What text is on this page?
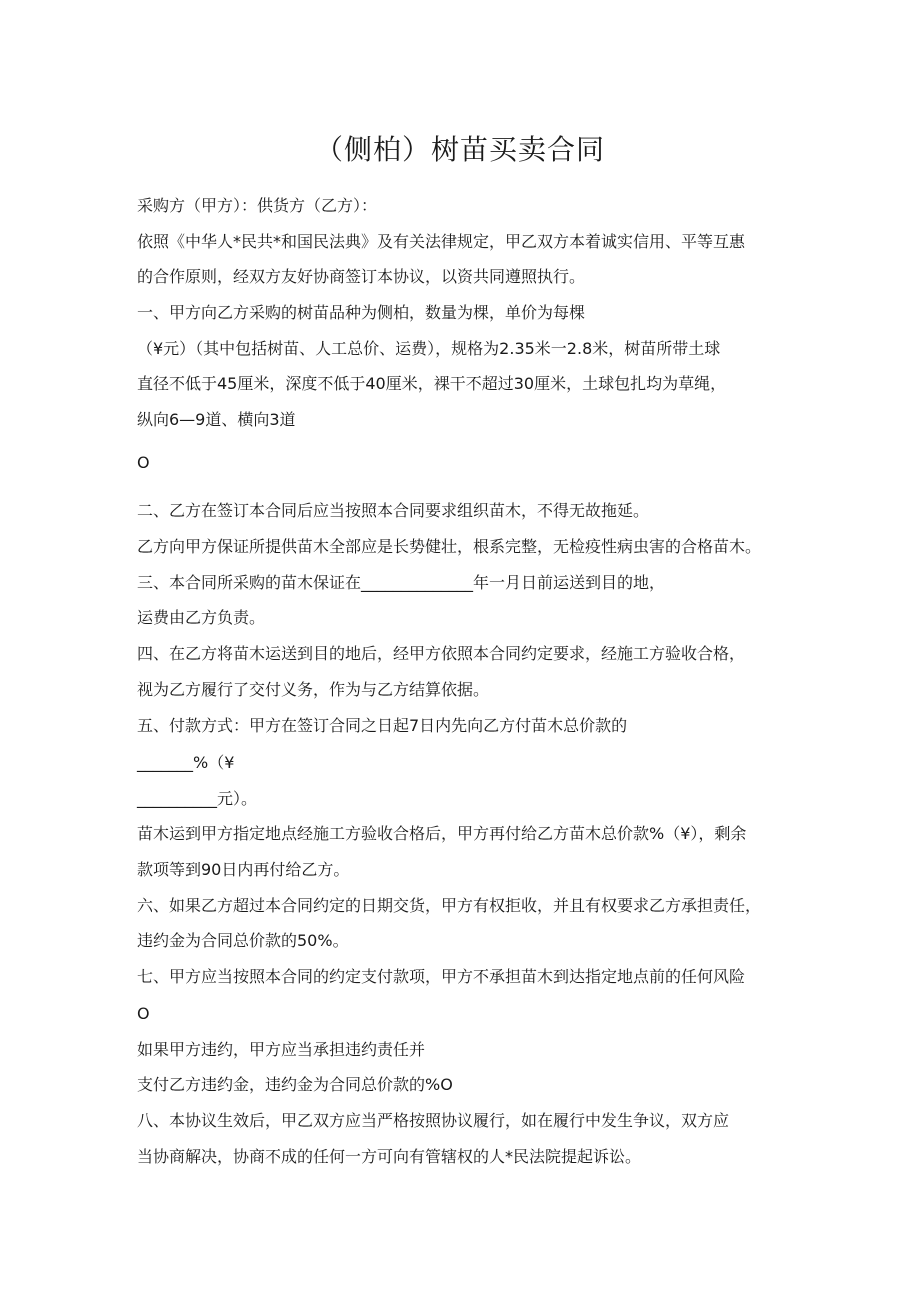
（侧柏）树苗买卖合同
采购方（甲方）：供货方（乙方）：
依照《中华人*民共*和国民法典》及有关法律规定，甲乙双方本着诚实信用、平等互惠
的合作原则，经双方友好协商签订本协议，以资共同遵照执行。
一、甲方向乙方采购的树苗品种为侧柏，数量为棵，单价为每棵
（¥元）（其中包括树苗、人工总价、运费），规格为2.35米一2.8米，树苗所带土球
直径不低于45厘米，深度不低于40厘米，裸干不超过30厘米，土球包扎均为草绳，
纵向6—9道、横向3道
O
二、乙方在签订本合同后应当按照本合同要求组织苗木，不得无故拖延。
乙方向甲方保证所提供苗木全部应是长势健壮，根系完整，无检疫性病虫害的合格苗木。
三、本合同所采购的苗木保证在______________年一月日前运送到目的地，
运费由乙方负责。
四、在乙方将苗木运送到目的地后，经甲方依照本合同约定要求，经施工方验收合格，
视为乙方履行了交付义务，作为与乙方结算依据。
五、付款方式：甲方在签订合同之日起7日内先向乙方付苗木总价款的
_______%（¥
__________元）。
苗木运到甲方指定地点经施工方验收合格后，甲方再付给乙方苗木总价款%（¥），剩余
款项等到90日内再付给乙方。
六、如果乙方超过本合同约定的日期交货，甲方有权拒收，并且有权要求乙方承担责任，
违约金为合同总价款的50%。
七、甲方应当按照本合同的约定支付款项，甲方不承担苗木到达指定地点前的任何风险
O
如果甲方违约，甲方应当承担违约责任并
支付乙方违约金，违约金为合同总价款的%O
八、本协议生效后，甲乙双方应当严格按照协议履行，如在履行中发生争议，双方应
当协商解决，协商不成的任何一方可向有管辖权的人*民法院提起诉讼。
